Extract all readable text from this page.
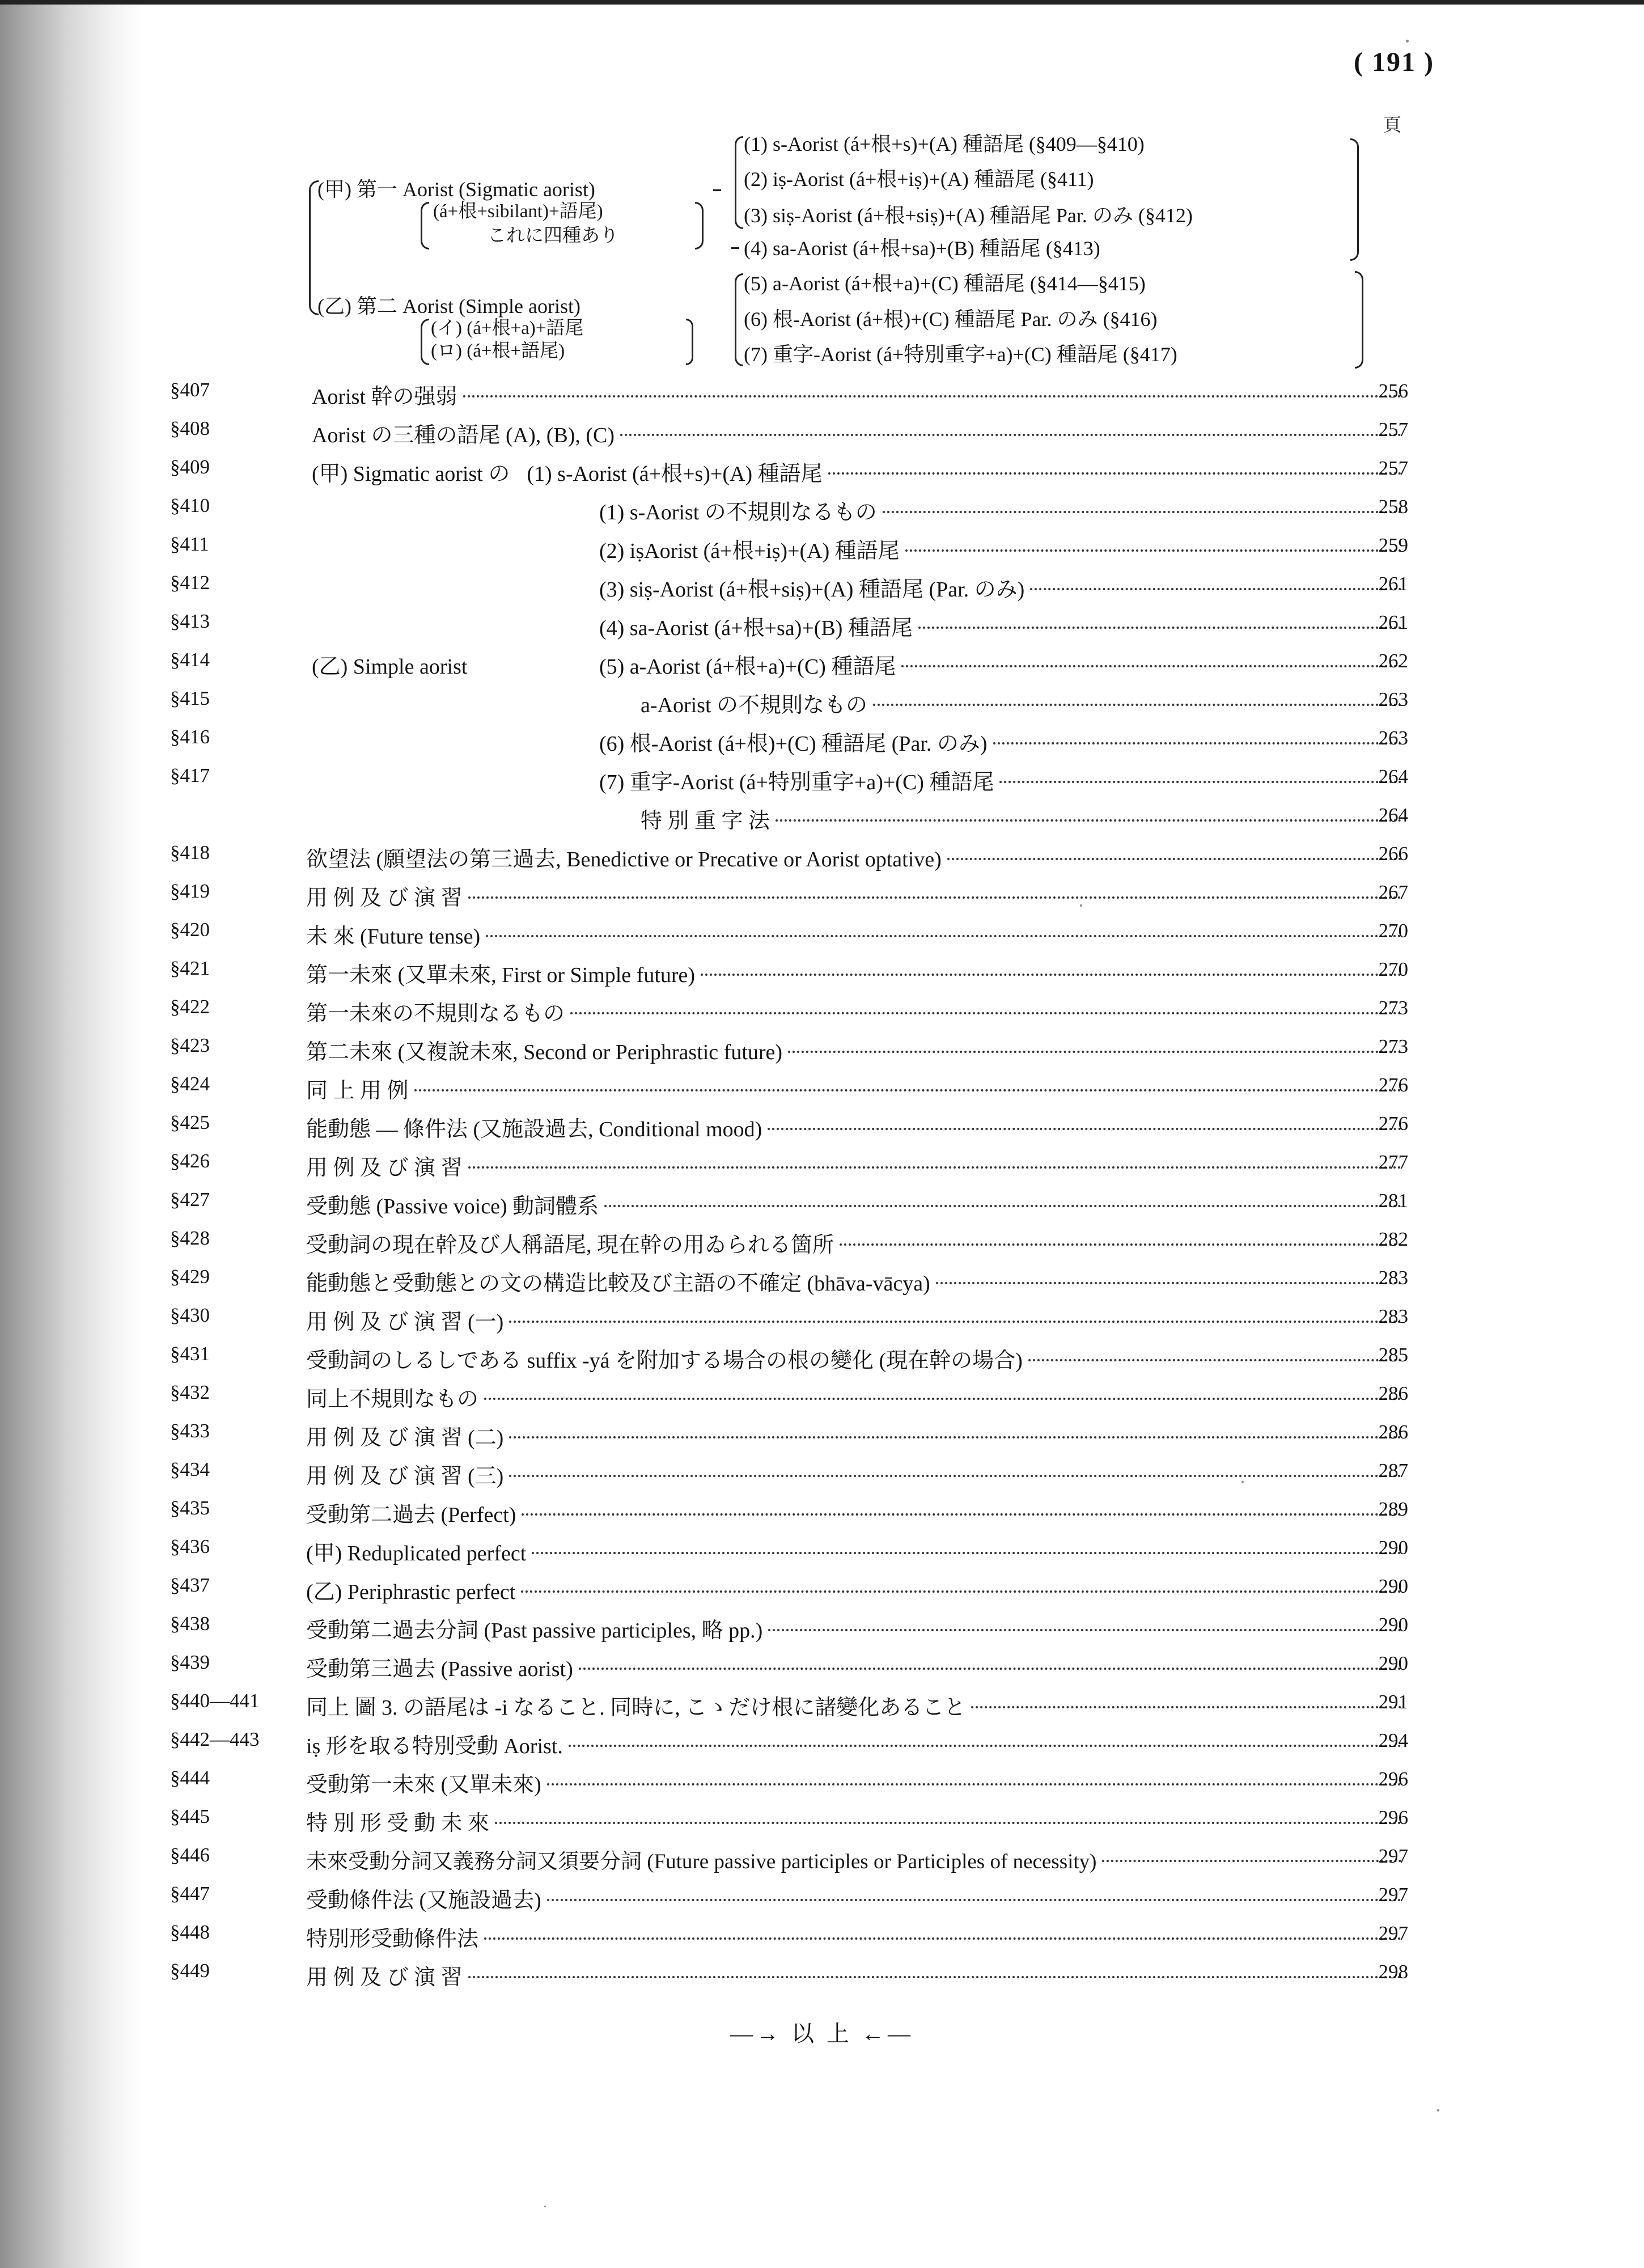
( 191 )
頁
(甲) 第一 Aorist (Sigmatic aorist)
(á+根+sibilant)+語尾)
これに四種あり
(乙) 第二 Aorist (Simple aorist)
(イ) (á+根+a)+語尾
(ロ) (á+根+語尾)
(1) s-Aorist (á+根+s)+(A) 種語尾 (§409—§410)
(2) iṣ-Aorist (á+根+iṣ)+(A) 種語尾 (§411)
(3) siṣ-Aorist (á+根+siṣ)+(A) 種語尾 Par. のみ (§412)
(4) sa-Aorist (á+根+sa)+(B) 種語尾 (§413)
(5) a-Aorist (á+根+a)+(C) 種語尾 (§414—§415)
(6) 根-Aorist (á+根)+(C) 種語尾 Par. のみ (§416)
(7) 重字-Aorist (á+特別重字+a)+(C) 種語尾 (§417)
§407	Aorist 幹の强弱	256
§408	Aorist の三種の語尾 (A), (B), (C)	257
§409	(甲) Sigmatic aorist の (1) s-Aorist (á+根+s)+(A) 種語尾	257
§410	(1) s-Aorist の不規則なるもの	258
§411	(2) iṣAorist (á+根+iṣ)+(A) 種語尾	259
§412	(3) siṣ-Aorist (á+根+siṣ)+(A) 種語尾 (Par. のみ)	261
§413	(4) sa-Aorist (á+根+sa)+(B) 種語尾	261
§414	(乙) Simple aorist	(5) a-Aorist (á+根+a)+(C) 種語尾	262
§415	a-Aorist の不規則なもの	263
§416	(6) 根-Aorist (á+根)+(C) 種語尾 (Par. のみ)	263
§417	(7) 重字-Aorist (á+特別重字+a)+(C) 種語尾	264
特 別 重 字 法	264
§418	欲望法 (願望法の第三過去, Benedictive or Precative or Aorist optative)	266
§419	用 例 及 び 演 習	267
§420	未 來 (Future tense)	270
§421	第一未來 (又單未來, First or Simple future)	270
§422	第一未來の不規則なるもの	273
§423	第二未來 (又複說未來, Second or Periphrastic future)	273
§424	同 上 用 例	276
§425	能動態 — 條件法 (又施設過去, Conditional mood)	276
§426	用 例 及 び 演 習	277
§427	受動態 (Passive voice) 動詞體系	281
§428	受動詞の現在幹及び人稱語尾, 現在幹の用ゐられる箇所	282
§429	能動態と受動態との文の構造比較及び主語の不確定 (bhāva-vācya)	283
§430	用 例 及 び 演 習 (一)	283
§431	受動詞のしるしである suffix -yá を附加する場合の根の變化 (現在幹の場合)	285
§432	同上不規則なもの	286
§433	用 例 及 び 演 習 (二)	286
§434	用 例 及 び 演 習 (三)	287
§435	受動第二過去 (Perfect)	289
§436	(甲) Reduplicated perfect	290
§437	(乙) Periphrastic perfect	290
§438	受動第二過去分詞 (Past passive participles, 略 pp.)	290
§439	受動第三過去 (Passive aorist)	290
§440—441 同上 圖 3. の語尾は -i なること. 同時に, こゝだけ根に諸變化あること	291
§442—443 iṣ 形を取る特別受動 Aorist.	294
§444	受動第一未來 (又單未來)	296
§445	特 別 形 受 動 未 來	296
§446	未來受動分詞又義務分詞又須要分詞 (Future passive participles or Participles of necessity)	297
§447	受動條件法 (又施設過去)	297
§448	特別形受動條件法	297
§449	用 例 及 び 演 習	298
—→ 以 上 ←—
